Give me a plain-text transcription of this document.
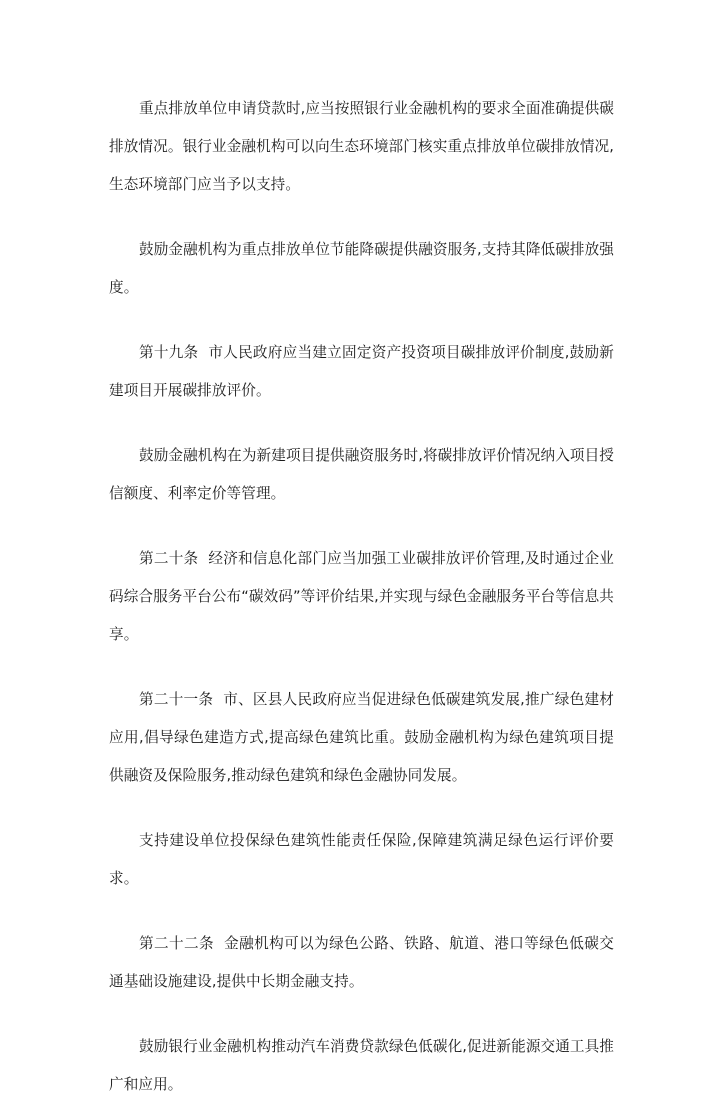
重点排放单位申请贷款时,应当按照银行业金融机构的要求全面准确提供碳排放情况。银行业金融机构可以向生态环境部门核实重点排放单位碳排放情况,生态环境部门应当予以支持。

鼓励金融机构为重点排放单位节能降碳提供融资服务,支持其降低碳排放强度。

第十九条 市人民政府应当建立固定资产投资项目碳排放评价制度,鼓励新建项目开展碳排放评价。

鼓励金融机构在为新建项目提供融资服务时,将碳排放评价情况纳入项目授信额度、利率定价等管理。

第二十条 经济和信息化部门应当加强工业碳排放评价管理,及时通过企业码综合服务平台公布“碳效码”等评价结果,并实现与绿色金融服务平台等信息共享。

第二十一条 市、区县人民政府应当促进绿色低碳建筑发展,推广绿色建材应用,倡导绿色建造方式,提高绿色建筑比重。鼓励金融机构为绿色建筑项目提供融资及保险服务,推动绿色建筑和绿色金融协同发展。

支持建设单位投保绿色建筑性能责任保险,保障建筑满足绿色运行评价要求。

第二十二条 金融机构可以为绿色公路、铁路、航道、港口等绿色低碳交通基础设施建设,提供中长期金融支持。

鼓励银行业金融机构推动汽车消费贷款绿色低碳化,促进新能源交通工具推广和应用。
